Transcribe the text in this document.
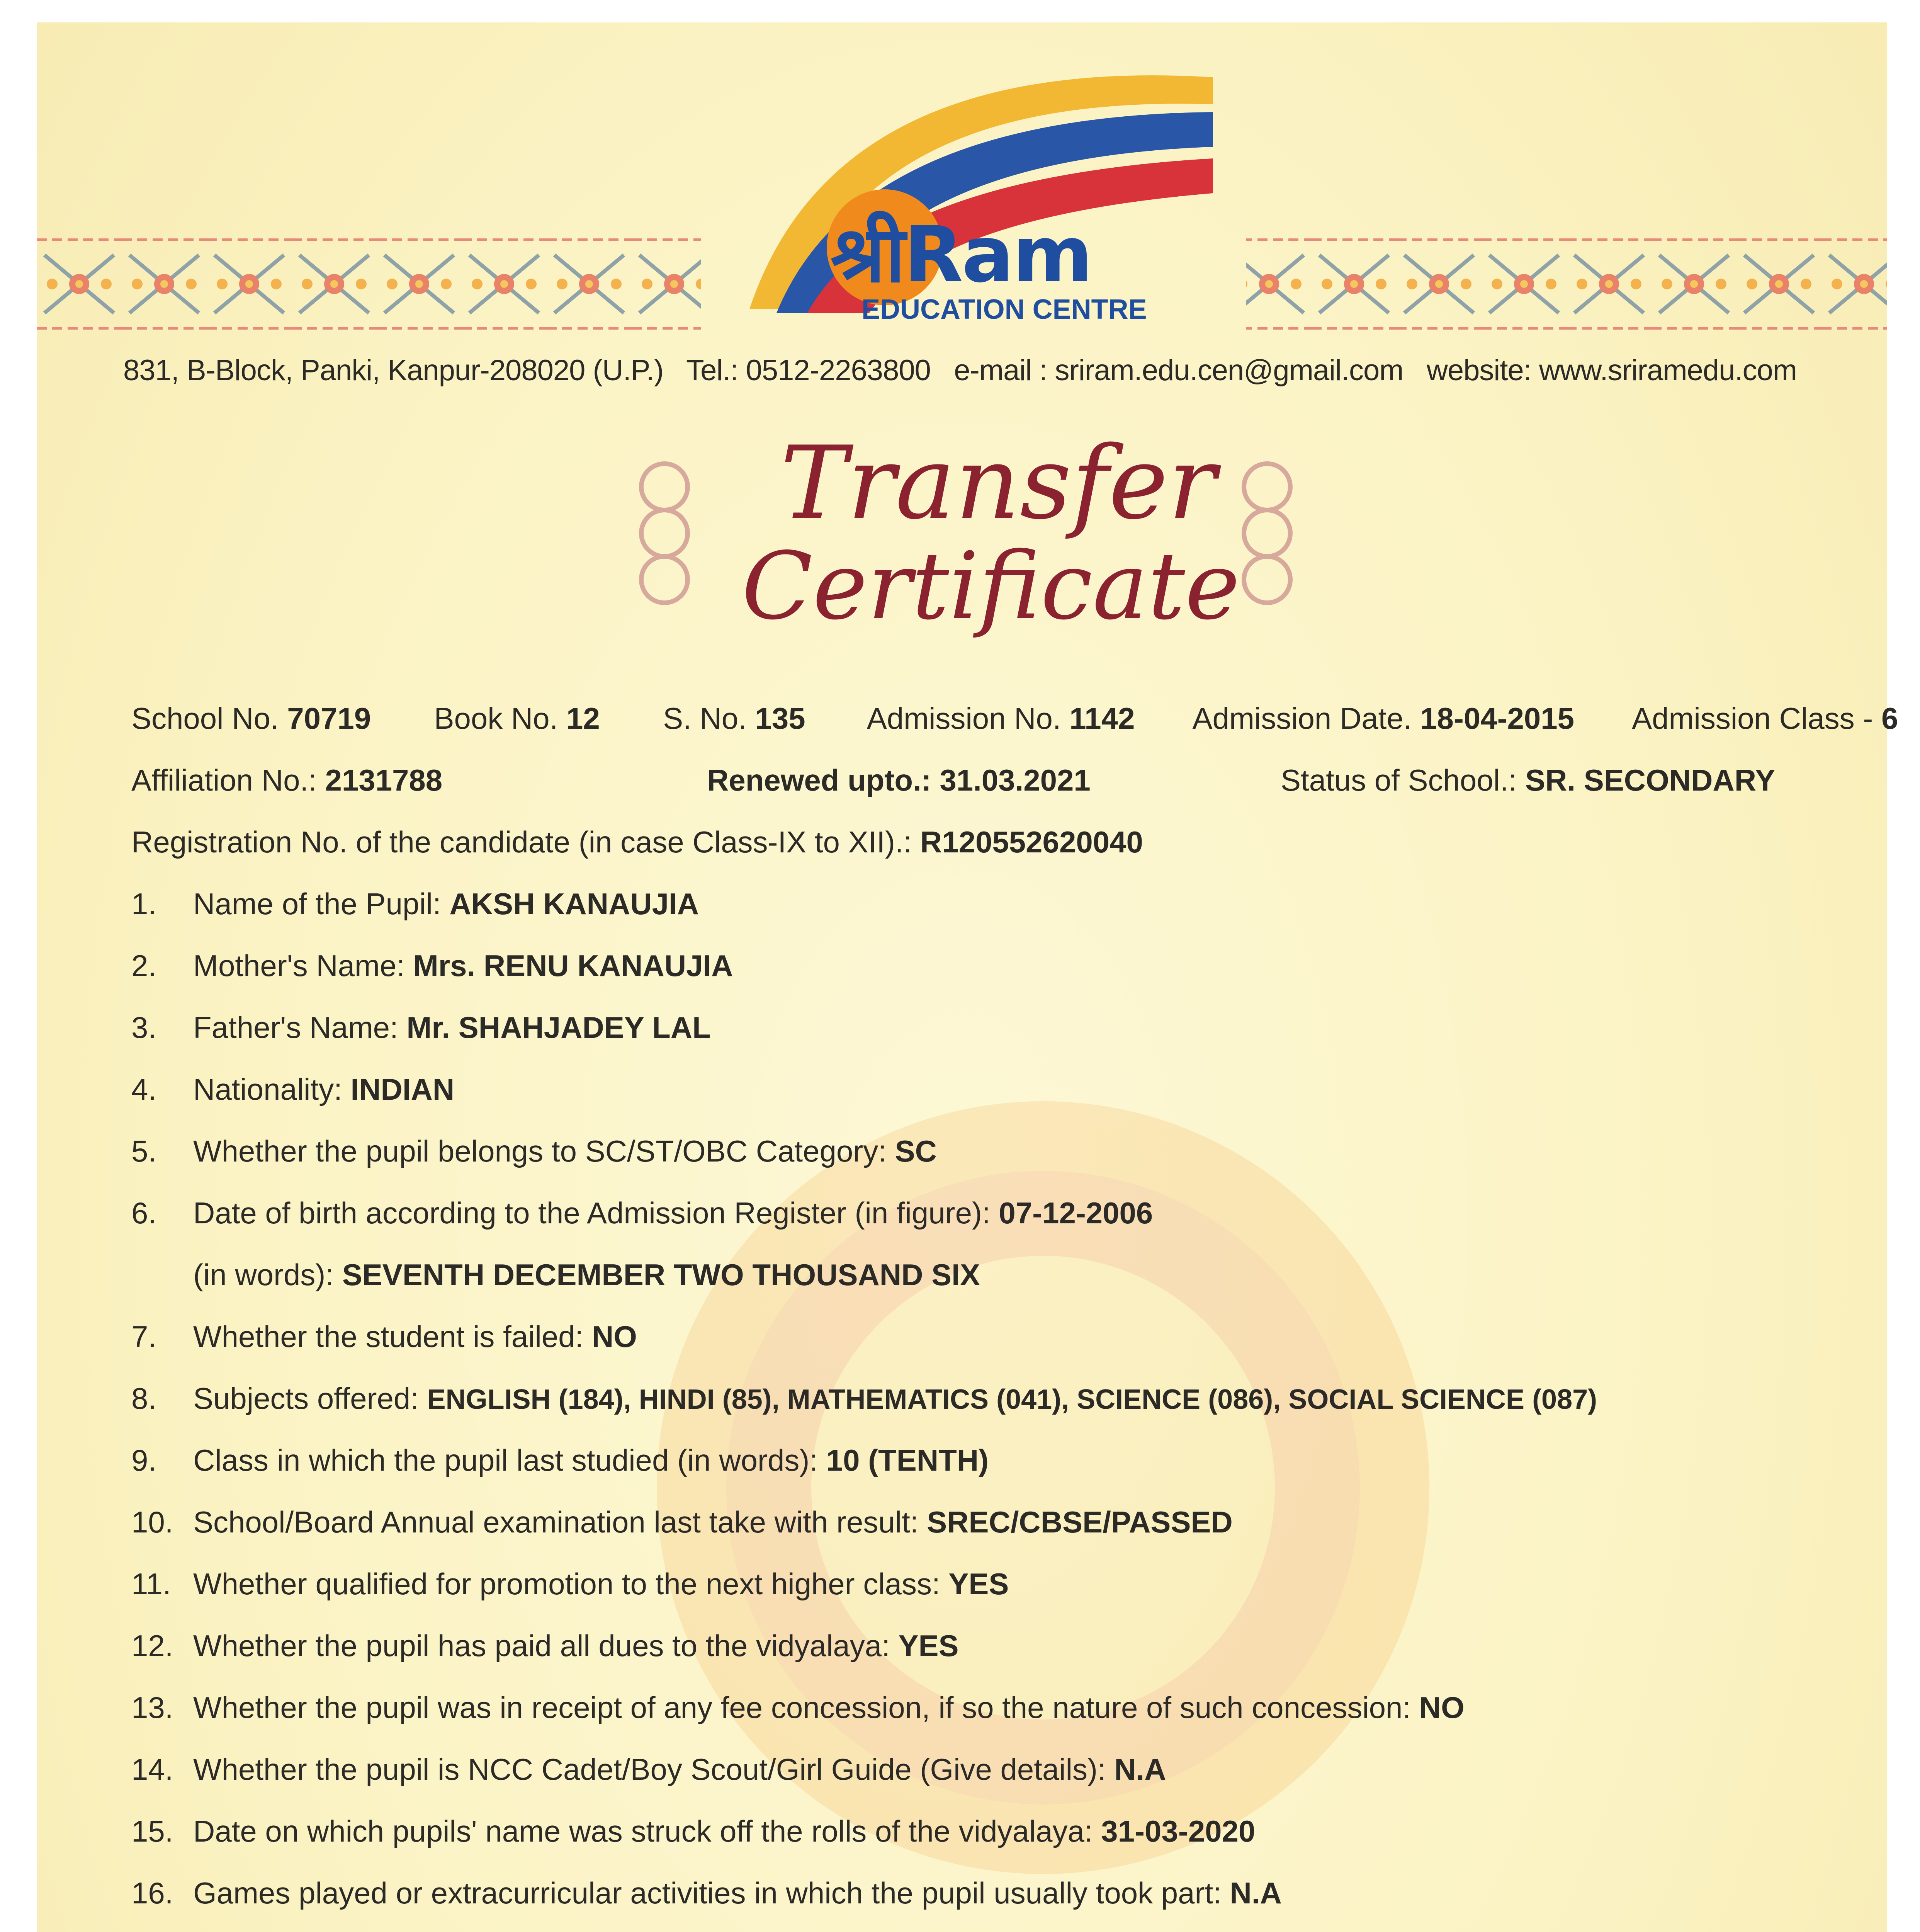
श्रीRam
EDUCATION CENTRE
831, B-Block, Panki, Kanpur-208020 (U.P.) Tel.: 0512-2263800 e-mail : sriram.edu.cen@gmail.com website: www.sriramedu.com
Transfer
Certificate
School No. 70719 Book No. 12 S. No. 135 Admission No. 1142 Admission Date. 18-04-2015 Admission Class - 6
Affiliation No.: 2131788	Renewed upto.: 31.03.2021	Status of School.: SR. SECONDARY
Registration No. of the candidate (in case Class-IX to XII).: R120552620040
1. Name of the Pupil: AKSH KANAUJIA
2. Mother's Name: Mrs. RENU KANAUJIA
3. Father's Name: Mr. SHAHJADEY LAL
4. Nationality: INDIAN
5. Whether the pupil belongs to SC/ST/OBC Category: SC
6. Date of birth according to the Admission Register (in figure): 07-12-2006
(in words): SEVENTH DECEMBER TWO THOUSAND SIX
7. Whether the student is failed: NO
8. Subjects offered: ENGLISH (184), HINDI (85), MATHEMATICS (041), SCIENCE (086), SOCIAL SCIENCE (087)
9. Class in which the pupil last studied (in words): 10 (TENTH)
10. School/Board Annual examination last take with result: SREC/CBSE/PASSED
11. Whether qualified for promotion to the next higher class: YES
12. Whether the pupil has paid all dues to the vidyalaya: YES
13. Whether the pupil was in receipt of any fee concession, if so the nature of such concession: NO
14. Whether the pupil is NCC Cadet/Boy Scout/Girl Guide (Give details): N.A
15. Date on which pupils' name was struck off the rolls of the vidyalaya: 31-03-2020
16. Games played or extracurricular activities in which the pupil usually took part: N.A
